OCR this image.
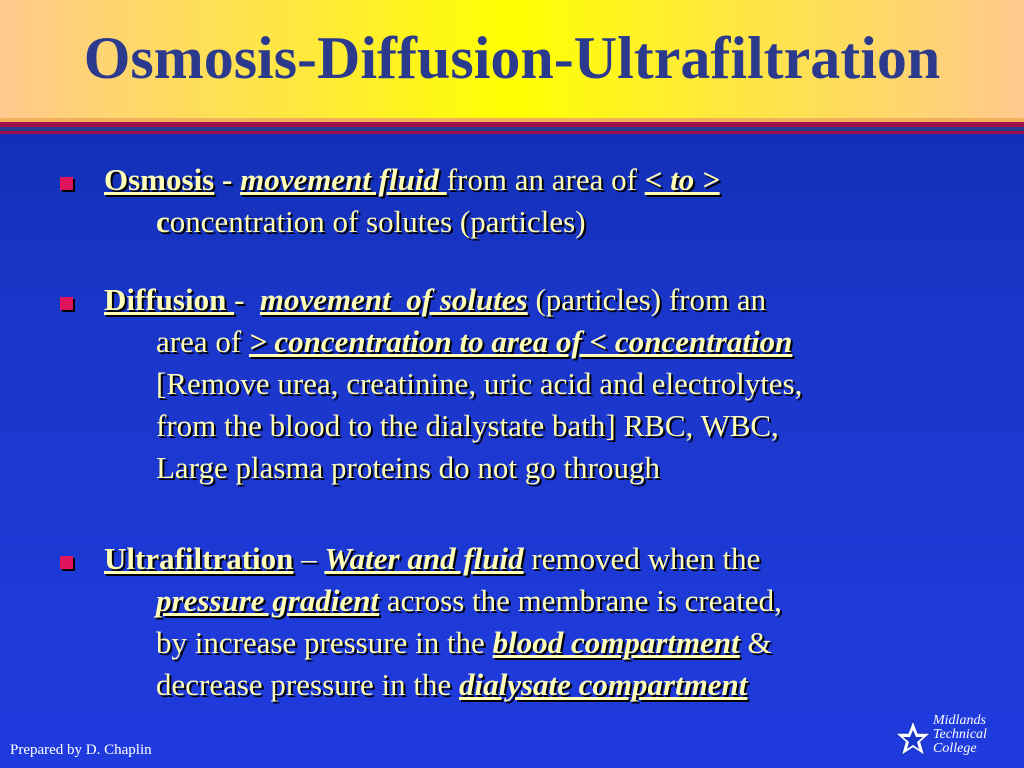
Osmosis-Diffusion-Ultrafiltration
Osmosis - movement fluid from an area of < to >
concentration of solutes (particles)
Diffusion -  movement  of solutes (particles) from an
area of > concentration to area of < concentration
[Remove urea, creatinine, uric acid and electrolytes,
from the blood to the dialystate bath] RBC, WBC,
Large plasma proteins do not go through
Ultrafiltration – Water and fluid removed when the
pressure gradient across the membrane is created,
by increase pressure in the blood compartment &
decrease pressure in the dialysate compartment
Prepared by D. Chaplin
Midlands
Technical
College
